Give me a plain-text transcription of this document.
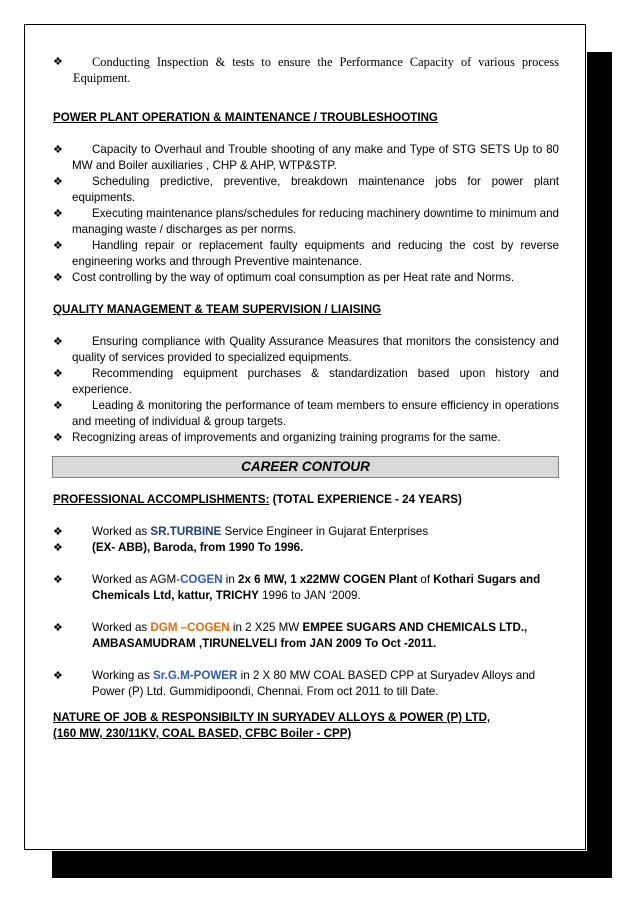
❖	Conducting Inspection & tests to ensure the Performance Capacity of various process Equipment.
POWER PLANT OPERATION & MAINTENANCE / TROUBLESHOOTING
❖	Capacity to Overhaul and Trouble shooting of any make and Type of STG SETS Up to 80 MW and Boiler auxiliaries , CHP & AHP, WTP&STP.
❖	Scheduling predictive, preventive, breakdown maintenance jobs for power plant equipments.
❖	Executing maintenance plans/schedules for reducing machinery downtime to minimum and managing waste / discharges as per norms.
❖	Handling repair or replacement faulty equipments and reducing the cost by reverse engineering works and through Preventive maintenance.
❖ Cost controlling by the way of optimum coal consumption as per Heat rate and Norms.
QUALITY MANAGEMENT & TEAM SUPERVISION / LIAISING
❖	Ensuring compliance with Quality Assurance Measures that monitors the consistency and quality of services provided to specialized equipments.
❖	Recommending equipment purchases & standardization based upon history and experience.
❖	Leading & monitoring the performance of team members to ensure efficiency in operations and meeting of individual & group targets.
❖ Recognizing areas of improvements and organizing training programs for the same.
CAREER CONTOUR
PROFESSIONAL ACCOMPLISHMENTS: (TOTAL EXPERIENCE - 24 YEARS)
❖	Worked as SR.TURBINE Service Engineer in Gujarat Enterprises
❖	(EX- ABB), Baroda, from 1990 To 1996.
❖	Worked as AGM-COGEN in 2x 6 MW, 1 x22MW COGEN Plant of Kothari Sugars and Chemicals Ltd, kattur, TRICHY 1996 to JAN ‘2009.
❖	Worked as DGM –COGEN in 2 X25 MW EMPEE SUGARS AND CHEMICALS LTD., AMBASAMUDRAM ,TIRUNELVELI from JAN 2009 To Oct -2011.
❖	Working as Sr.G.M-POWER in 2 X 80 MW COAL BASED CPP at Suryadev Alloys and Power (P) Ltd. Gummidipoondi, Chennai. From oct 2011 to till Date.
NATURE OF JOB & RESPONSIBILTY IN SURYADEV ALLOYS & POWER (P) LTD,
(160 MW, 230/11KV, COAL BASED, CFBC Boiler - CPP)
